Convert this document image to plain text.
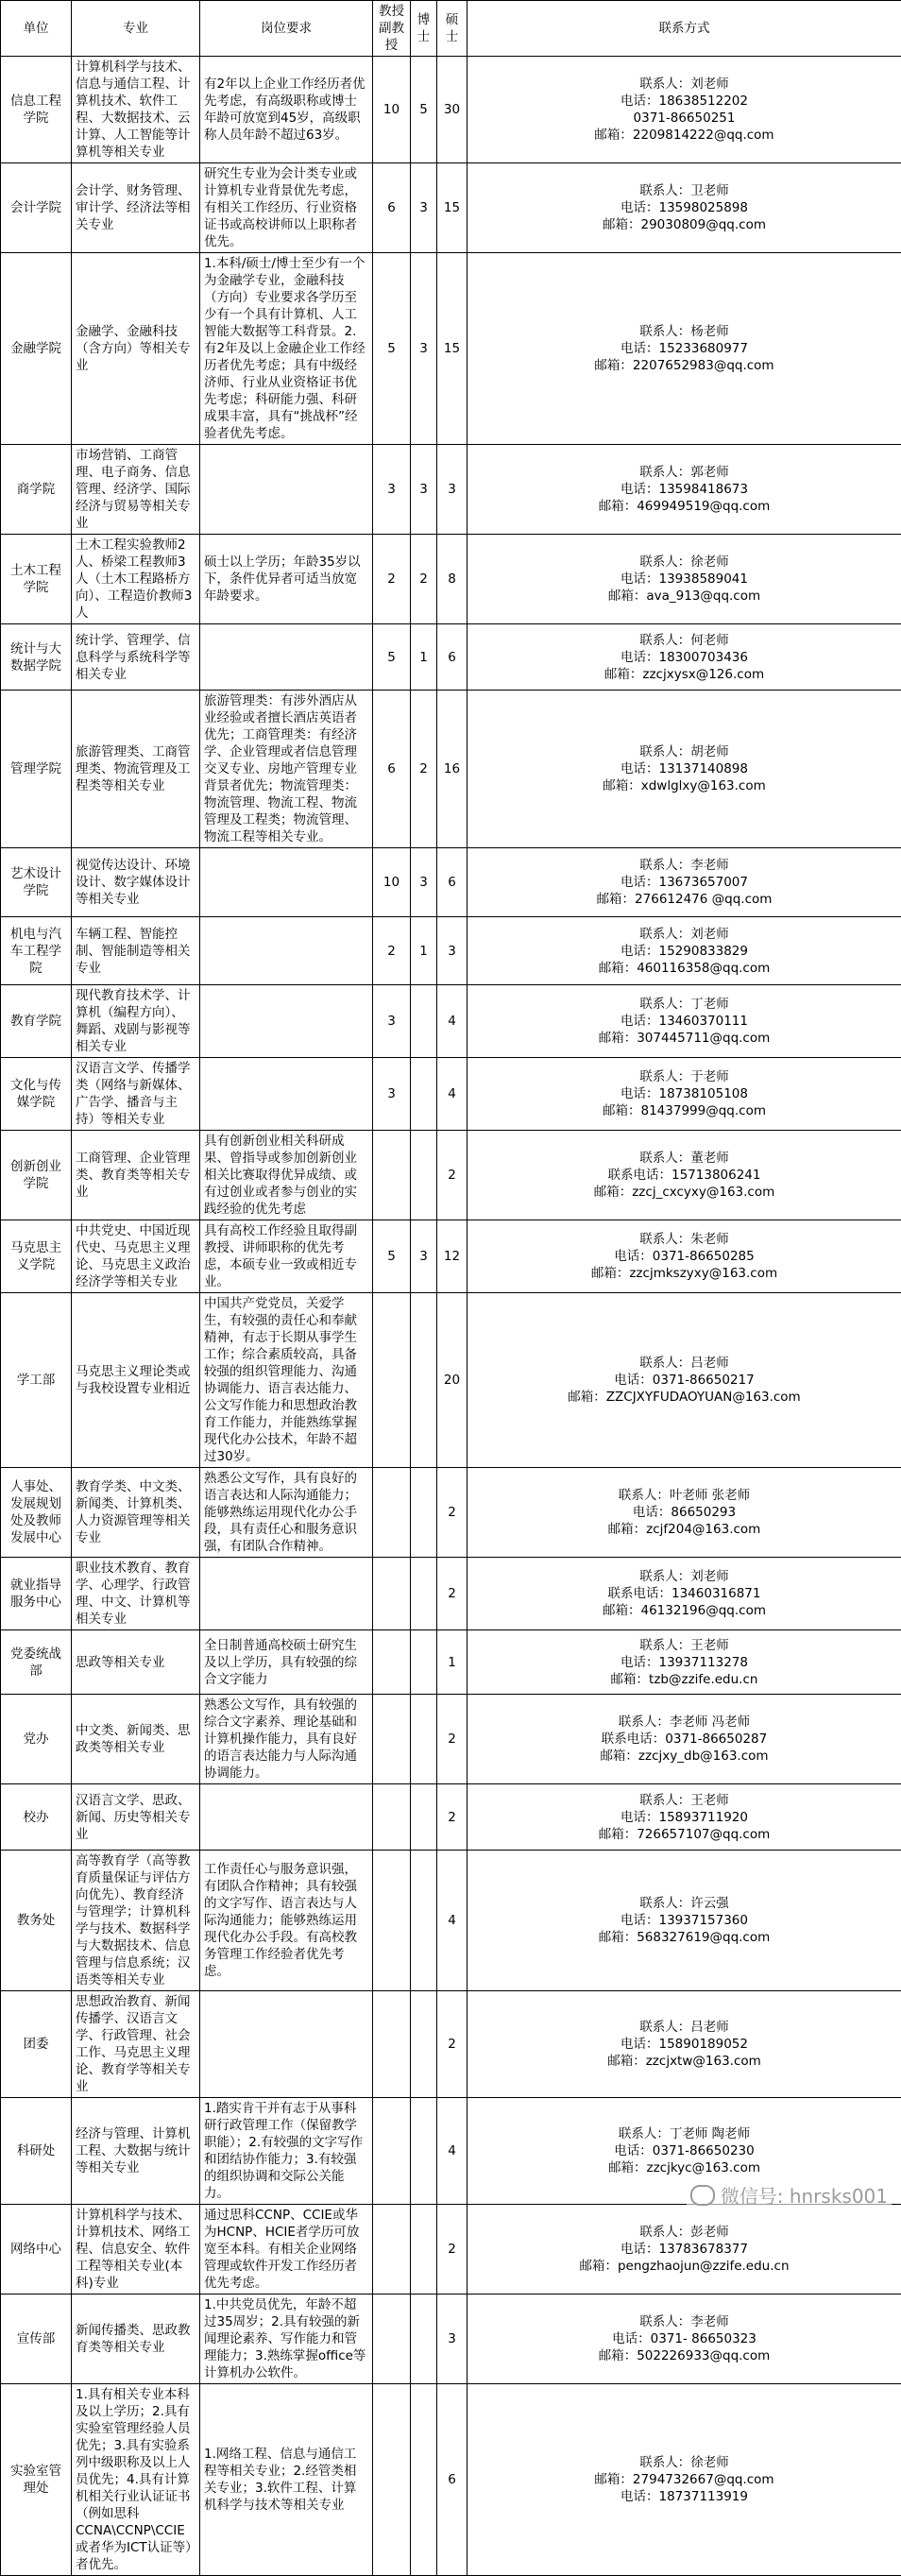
单位	专业	岗位要求	教授副教授	博士	硕士	联系方式
信息工程学院	计算机科学与技术、信息与通信工程、计算机技术、软件工程、大数据技术、云计算、人工智能等计算机等相关专业	有2年以上企业工作经历者优先考虑，有高级职称或博士年龄可放宽到45岁，高级职称人员年龄不超过63岁。	10	5	30	联系人：刘老师
电话：18638512202
0371-86650251
邮箱：2209814222@qq.com

会计学院	会计学、财务管理、审计学、经济法等相关专业	研究生专业为会计类专业或计算机专业背景优先考虑，有相关工作经历、行业资格证书或高校讲师以上职称者优先。	6	3	15	联系人：卫老师
电话：13598025898
邮箱：29030809@qq.com

金融学院	金融学、金融科技（含方向）等相关专业	1.本科/硕士/博士至少有一个为金融学专业，金融科技（方向）专业要求各学历至少有一个具有计算机、人工智能大数据等工科背景。2.有2年及以上金融企业工作经历者优先考虑；具有中级经济师、行业从业资格证书优先考虑；科研能力强、科研成果丰富，具有“挑战杯”经验者优先考虑。	5	3	15	联系人：杨老师
电话：15233680977
邮箱：2207652983@qq.com

商学院	市场营销、工商管理、电子商务、信息管理、经济学、国际经济与贸易等相关专业		3	3	3	联系人：郭老师
电话：13598418673
邮箱：469949519@qq.com

土木工程学院	土木工程实验教师2人、桥梁工程教师3人（土木工程路桥方向）、工程造价教师3人	硕士以上学历；年龄35岁以下，条件优异者可适当放宽年龄要求。	2	2	8	联系人：徐老师
电话：13938589041
邮箱：ava_913@qq.com

统计与大数据学院	统计学、管理学、信息科学与系统科学等相关专业		5	1	6	联系人：何老师
电话：18300703436
邮箱：zzcjxysx@126.com

管理学院	旅游管理类、工商管理类、物流管理及工程类等相关专业	旅游管理类：有涉外酒店从业经验或者擅长酒店英语者优先；工商管理类：有经济学、企业管理或者信息管理交叉专业、房地产管理专业背景者优先；物流管理类：物流管理、物流工程、物流管理及工程类；物流管理、物流工程等相关专业。	6	2	16	联系人：胡老师
电话：13137140898
邮箱：xdwlglxy@163.com

艺术设计学院	视觉传达设计、环境设计、数字媒体设计等相关专业		10	3	6	联系人：李老师
电话：13673657007
邮箱：276612476 @qq.com

机电与汽车工程学院	车辆工程、智能控制、智能制造等相关专业		2	1	3	联系人：刘老师
电话：15290833829
邮箱：460116358@qq.com

教育学院	现代教育技术学、计算机（编程方向）、舞蹈、戏剧与影视等相关专业		3		4	联系人：丁老师
电话：13460370111
邮箱：307445711@qq.com

文化与传媒学院	汉语言文学、传播学类（网络与新媒体、广告学、播音与主持）等相关专业		3		4	联系人：于老师
电话：18738105108
邮箱：81437999@qq.com

创新创业学院	工商管理、企业管理类、教育类等相关专业	具有创新创业相关科研成果、曾指导或参加创新创业相关比赛取得优异成绩、或有过创业或者参与创业的实践经验的优先考虑			2	联系人：董老师
联系电话：15713806241
邮箱：zzcj_cxcyxy@163.com

马克思主义学院	中共党史、中国近现代史、马克思主义理论、马克思主义政治经济学等相关专业	具有高校工作经验且取得副教授、讲师职称的优先考虑，本硕专业一致或相近专业。	5	3	12	联系人：朱老师
电话：0371-86650285
邮箱：zzcjmkszyxy@163.com

学工部	马克思主义理论类或与我校设置专业相近	中国共产党党员，关爱学生，有较强的责任心和奉献精神，有志于长期从事学生工作；综合素质较高，具备较强的组织管理能力、沟通协调能力、语言表达能力、公文写作能力和思想政治教育工作能力，并能熟练掌握现代化办公技术，年龄不超过30岁。			20	联系人：吕老师
电话：0371-86650217
邮箱：ZZCJXYFUDAOYUAN@163.com

人事处、发展规划处及教师发展中心	教育学类、中文类、新闻类、计算机类、人力资源管理等相关专业	熟悉公文写作，具有良好的语言表达和人际沟通能力；能够熟练运用现代化办公手段，具有责任心和服务意识强，有团队合作精神。			2	联系人：叶老师 张老师
电话：86650293
邮箱：zcjf204@163.com

就业指导服务中心	职业技术教育、教育学、心理学、行政管理、中文、计算机等相关专业				2	联系人：刘老师
联系电话：13460316871
邮箱：46132196@qq.com

党委统战部	思政等相关专业	全日制普通高校硕士研究生及以上学历，具有较强的综合文字能力			1	联系人：王老师
电话：13937113278
邮箱：tzb@zzife.edu.cn

党办	中文类、新闻类、思政类等相关专业	熟悉公文写作，具有较强的综合文字素养、理论基础和计算机操作能力，具有良好的语言表达能力与人际沟通协调能力。			2	联系人：李老师 冯老师
联系电话：0371-86650287
邮箱：zzcjxy_db@163.com

校办	汉语言文学、思政、新闻、历史等相关专业				2	联系人：王老师
电话：15893711920
邮箱：726657107@qq.com

教务处	高等教育学（高等教育质量保证与评估方向优先）、教育经济与管理学；计算机科学与技术、数据科学与大数据技术、信息管理与信息系统；汉语类等相关专业	工作责任心与服务意识强，有团队合作精神；具有较强的文字写作、语言表达与人际沟通能力；能够熟练运用现代化办公手段。有高校教务管理工作经验者优先考虑。			4	联系人：许云强
电话：13937157360
邮箱：568327619@qq.com

团委	思想政治教育、新闻传播学、汉语言文学、行政管理、社会工作、马克思主义理论、教育学等相关专业				2	联系人：吕老师
电话：15890189052
邮箱：zzcjxtw@163.com

科研处	经济与管理、计算机工程、大数据与统计等相关专业	1.踏实肯干并有志于从事科研行政管理工作（保留教学职能）；2.有较强的文字写作和团结协作能力；3.有较强的组织协调和交际公关能力。			4	联系人：丁老师 陶老师
电话：0371-86650230
邮箱：zzcjkyc@163.com

网络中心	计算机科学与技术、计算机技术、网络工程、信息安全、软件工程等相关专业(本科)专业	通过思科CCNP、CCIE或华为HCNP、HCIE者学历可放宽至本科。有相关企业网络管理或软件开发工作经历者优先考虑。			2	联系人：彭老师
电话：13783678377
邮箱：pengzhaojun@zzife.edu.cn

宣传部	新闻传播类、思政教育类等相关专业	1.中共党员优先，年龄不超过35周岁；2.具有较强的新闻理论素养、写作能力和管理能力；3.熟练掌握office等计算机办公软件。			3	联系人：李老师
电话：0371- 86650323
邮箱：502226933@qq.com

实验室管理处	1.具有相关专业本科及以上学历；2.具有实验室管理经验人员优先；3.具有实验系列中级职称及以上人员优先；4.具有计算机相关行业认证证书（例如思科CCNA\CCNP\CCIE或者华为ICT认证等）者优先。	1.网络工程、信息与通信工程等相关专业；2.经管类相关专业；3.软件工程、计算机科学与技术等相关专业			6	联系人：徐老师
邮箱：2794732667@qq.com
电话：18737113919
微信号: hnrsks001
